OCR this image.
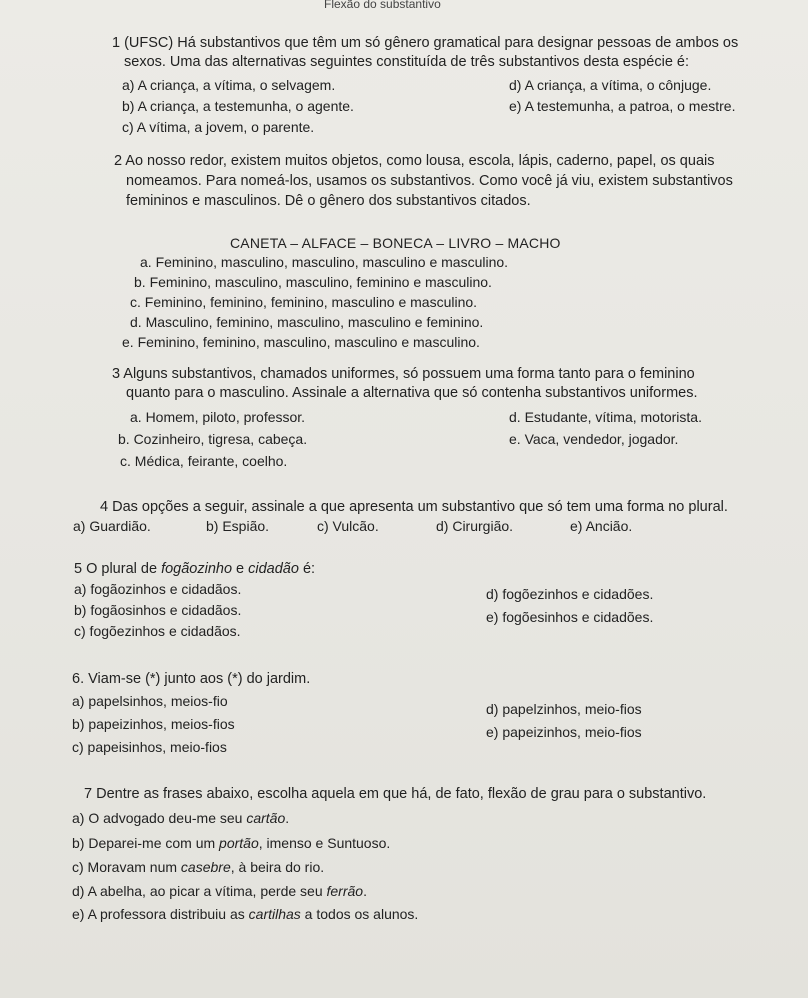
Flexão do substantivo
1 (UFSC) Há substantivos que têm um só gênero gramatical para designar pessoas de ambos os
sexos. Uma das alternativas seguintes constituída de três substantivos desta espécie é:
a) A criança, a vítima, o selvagem.
b) A criança, a testemunha, o agente.
c) A vítima, a jovem, o parente.
d) A criança, a vítima, o cônjuge.
e) A testemunha, a patroa, o mestre.
2 Ao nosso redor, existem muitos objetos, como lousa, escola, lápis, caderno, papel, os quais
nomeamos. Para nomeá-los, usamos os substantivos. Como você já viu, existem substantivos
femininos e masculinos. Dê o gênero dos substantivos citados.
CANETA – ALFACE – BONECA – LIVRO – MACHO
a. Feminino, masculino, masculino, masculino e masculino.
b. Feminino, masculino, masculino, feminino e masculino.
c. Feminino, feminino, feminino, masculino e masculino.
d. Masculino, feminino, masculino, masculino e feminino.
e. Feminino, feminino, masculino, masculino e masculino.
3 Alguns substantivos, chamados uniformes, só possuem uma forma tanto para o feminino
quanto para o masculino. Assinale a alternativa que só contenha substantivos uniformes.
a. Homem, piloto, professor.
b. Cozinheiro, tigresa, cabeça.
c. Médica, feirante, coelho.
d. Estudante, vítima, motorista.
e. Vaca, vendedor, jogador.
4 Das opções a seguir, assinale a que apresenta um substantivo que só tem uma forma no plural.
a) Guardião.	b) Espião.	c) Vulcão.	d) Cirurgião.	e) Ancião.
5 O plural de fogãozinho e cidadão é:
a) fogãozinhos e cidadãos.
b) fogãosinhos e cidadãos.
c) fogõezinhos e cidadãos.
d) fogõezinhos e cidadões.
e) fogõesinhos e cidadões.
6. Viam-se (*) junto aos (*) do jardim.
a) papelsinhos, meios-fio
b) papeizinhos, meios-fios
c) papeisinhos, meio-fios
d) papelzinhos, meio-fios
e) papeizinhos, meio-fios
7 Dentre as frases abaixo, escolha aquela em que há, de fato, flexão de grau para o substantivo.
a) O advogado deu-me seu cartão.
b) Deparei-me com um portão, imenso e Suntuoso.
c) Moravam num casebre, à beira do rio.
d) A abelha, ao picar a vítima, perde seu ferrão.
e) A professora distribuiu as cartilhas a todos os alunos.
